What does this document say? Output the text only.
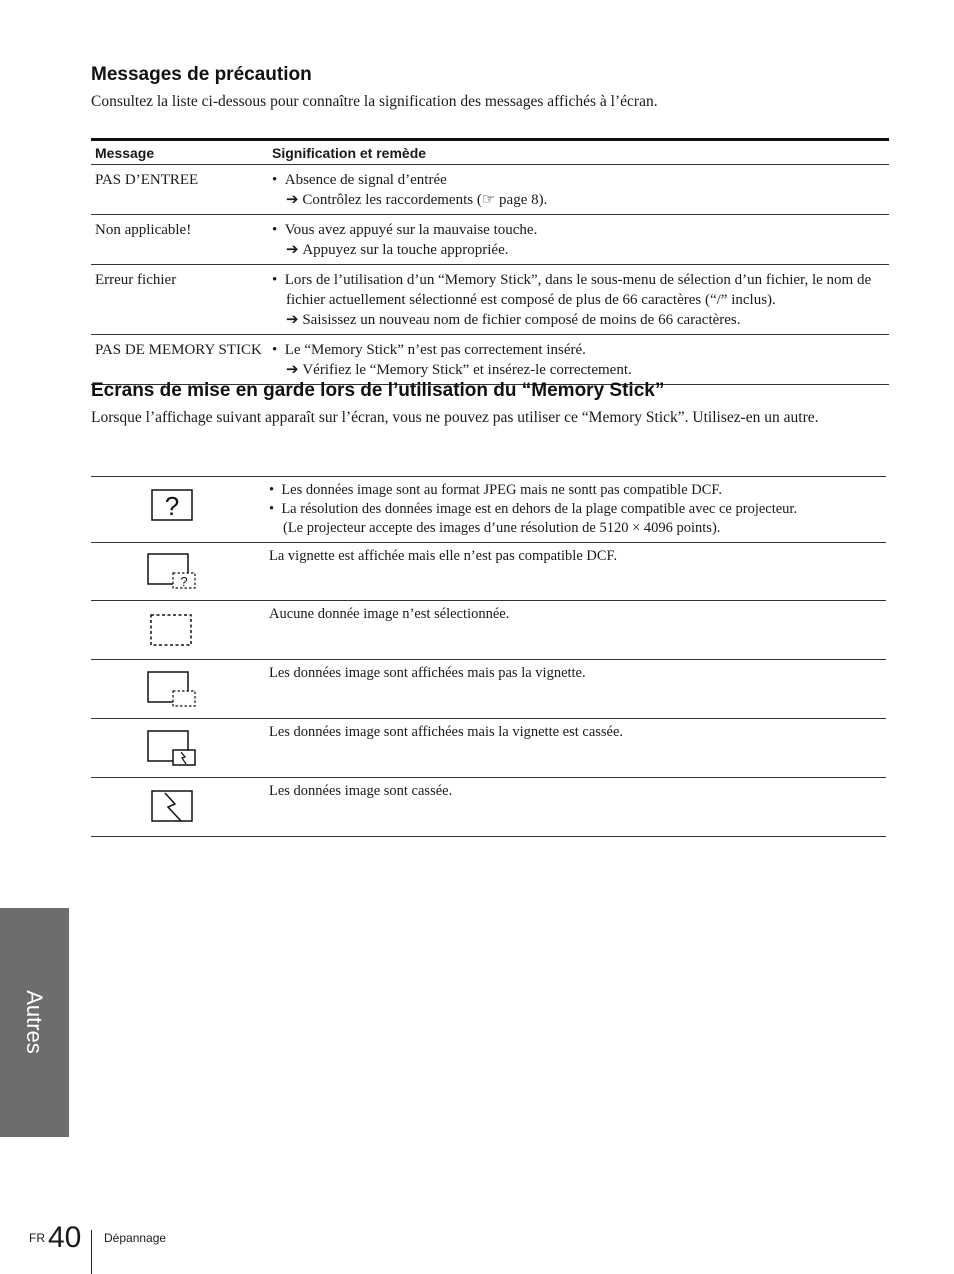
Messages de précaution

Consultez la liste ci-dessous pour connaître la signification des messages affichés à l’écran.

Message	Signification et remède
PAS D’ENTREE	•  Absence de signal d’entrée
➔ Contrôlez les raccordements (☞ page 8).

Non applicable!	•  Vous avez appuyé sur la mauvaise touche.
➔ Appuyez sur la touche appropriée.

Erreur fichier	•  Lors de l’utilisation d’un “Memory Stick”, dans le sous-menu de sélection d’un fichier, le nom de fichier actuellement sélectionné est composé de plus de 66 caractères (“/” inclus).
➔ Saisissez un nouveau nom de fichier composé de moins de 66 caractères.

PAS DE MEMORY STICK	•  Le “Memory Stick” n’est pas correctement inséré.
➔ Vérifiez le “Memory Stick” et insérez-le correctement.
Ecrans de mise en garde lors de l’utilisation du “Memory Stick”

Lorsque l’affichage suivant apparaît sur l’écran, vous ne pouvez pas utiliser ce “Memory Stick”. Utilisez-en un autre.

?	•  Les données image sont au format JPEG mais ne sontt pas compatible DCF.
•  La résolution des données image est en dehors de la plage compatible avec ce projecteur.
(Le projecteur accepte des images d’une résolution de 5120 × 4096 points).

?	La vignette est affichée mais elle n’est pas compatible DCF.

	Aucune donnée image n’est sélectionnée.

	Les données image sont affichées mais pas la vignette.

	Les données image sont affichées mais la vignette est cassée.

	Les données image sont cassée.
Autres
FR 40 Dépannage
